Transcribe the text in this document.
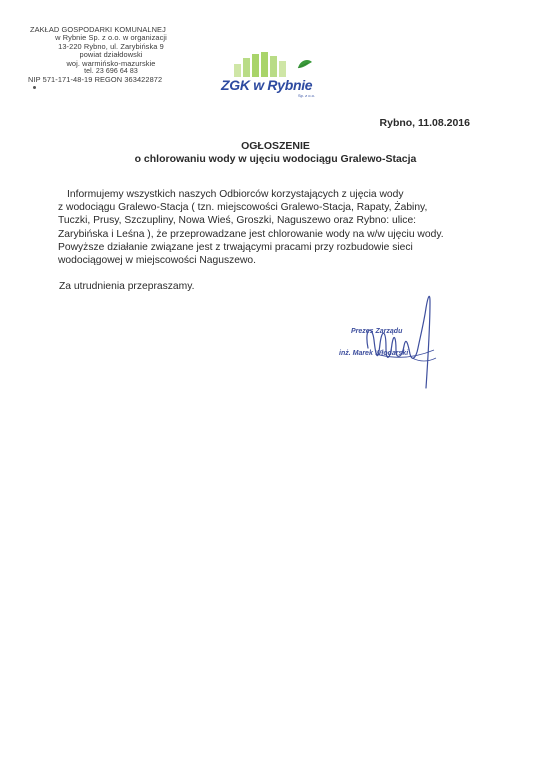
ZAKŁAD GOSPODARKI KOMUNALNEJ
w Rybnie Sp. z o.o. w organizacji
13-220 Rybno, ul. Zarybińska 9
powiat działdowski
woj. warmińsko-mazurskie
tel. 23 696 64 83
NIP 571-171-48-19 REGON 363422872	ZGK w Rybnie
Sp. z o.o.
Rybno, 11.08.2016
OGŁOSZENIE
o chlorowaniu wody w ujęciu wodociągu Gralewo-Stacja
Informujemy wszystkich naszych Odbiorców korzystających z ujęcia wody
z wodociągu Gralewo-Stacja ( tzn. miejscowości Gralewo-Stacja, Rapaty, Żabiny,
Tuczki, Prusy, Szczupliny, Nowa Wieś, Groszki, Naguszewo oraz Rybno: ulice:
Zarybińska i Leśna ), że przeprowadzane jest chlorowanie wody na w/w ujęciu wody.
Powyższe działanie związane jest z trwającymi pracami przy rozbudowie sieci
wodociągowej w miejscowości Naguszewo.
Za utrudnienia przepraszamy.
Prezes Zarządu
inż. Marek Włodarski
